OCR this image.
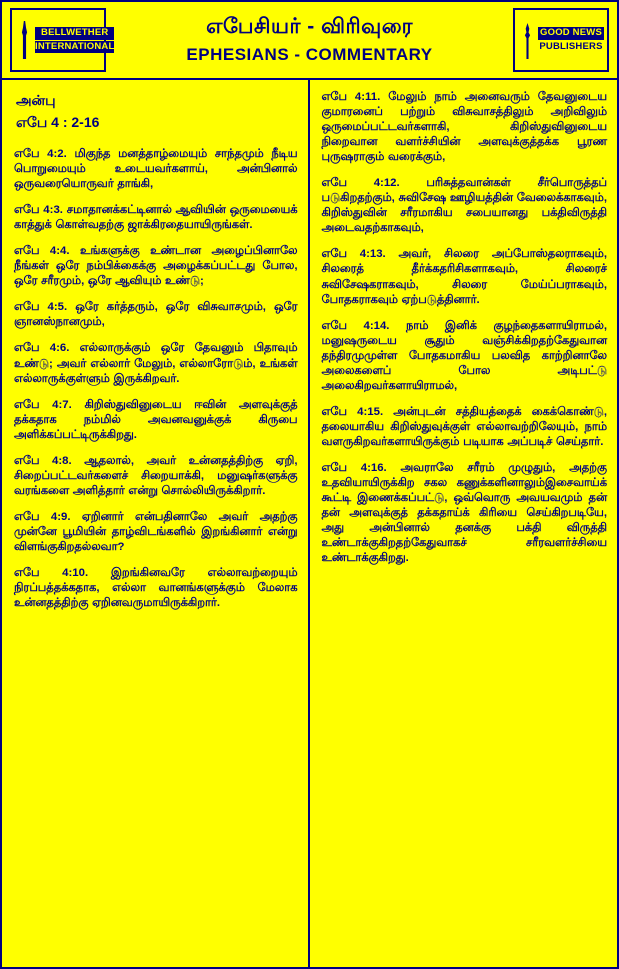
BELLWETHER
INTERNATIONAL
எபேசியர் - விரிவுரை
EPHESIANS - COMMENTARY
GOOD NEWS
PUBLISHERS
அன்பு
எபே 4 : 2-16

எபே 4:2. மிகுந்த மனத்தாழ்மையும் சாந்தமும் நீடிய பொறுமையும் உடையவர்களாய், அன்பினால் ஒருவரையொருவர் தாங்கி,

எபே 4:3. சமாதானக்கட்டினால் ஆவியின் ஒருமையைக் காத்துக் கொள்வதற்கு ஜாக்கிரதையாயிருங்கள்.

எபே 4:4. உங்களுக்கு உண்டான அழைப்பினாலே நீங்கள் ஒரே நம்பிக்கைக்கு அழைக்கப்பட்டது போல, ஒரே சரீரமும், ஒரே ஆவியும் உண்டு;

எபே 4:5. ஒரே கர்த்தரும், ஒரே விசுவாசமும், ஒரே ஞானஸ்நானமும்,

எபே 4:6. எல்லாருக்கும் ஒரே தேவனும் பிதாவும் உண்டு; அவர் எல்லார் மேலும், எல்லாரோடும், உங்கள் எல்லாருக்குள்ளும் இருக்கிறவர்.

எபே 4:7. கிறிஸ்துவினுடைய ஈவின் அளவுக்குத் தக்கதாக நம்மில் அவனவனுக்குக் கிருபை அளிக்கப்பட்டிருக்கிறது.

எபே 4:8. ஆதலால், அவர் உன்னதத்திற்கு ஏறி, சிறைப்பட்டவர்களைச் சிறையாக்கி, மனுஷர்களுக்கு வரங்களை அளித்தார் என்று சொல்லியிருக்கிறார்.

எபே 4:9. ஏறினார் என்பதினாலே அவர் அதற்கு முன்னே பூமியின் தாழ்விடங்களில் இறங்கினார் என்று விளங்குகிறதல்லவா?

எபே 4:10. இறங்கினவரே எல்லாவற்றையும் நிரப்பத்தக்கதாக, எல்லா வானங்களுக்கும் மேலாக உன்னதத்திற்கு ஏறினவருமாயிருக்கிறார்.

எபே 4:11. மேலும் நாம் அனைவரும் தேவனுடைய குமாரனைப் பற்றும் விசுவாசத்திலும் அறிவிலும் ஒருமைப்பட்டவர்களாகி, கிறிஸ்துவினுடைய நிறைவான வளர்ச்சியின் அளவுக்குத்தக்க பூரண புருஷராகும் வரைக்கும்,

எபே 4:12. பரிசுத்தவான்கள் சீர்பொருத்தப் படுகிறதற்கும், சுவிசேஷ ஊழியத்தின் வேலைக்காகவும், கிறிஸ்துவின் சரீரமாகிய சபையானது பக்திவிருத்தி அடைவதற்காகவும்,

எபே 4:13. அவர், சிலரை அப்போஸ்தலராகவும், சிலரைத் தீர்க்கதரிசிகளாகவும், சிலரைச் சுவிசேஷகராகவும், சிலரை மேய்ப்பராகவும், போதகராகவும் ஏற்படுத்தினார்.

எபே 4:14. நாம் இனிக் குழந்தைகளாயிராமல், மனுஷருடைய சூதும் வஞ்சிக்கிறதற்கேதுவான தந்திரமுமுள்ள போதகமாகிய பலவித காற்றினாலே அலைகளைப் போல அடிபட்டு அலைகிறவர்களாயிராமல்,

எபே 4:15. அன்புடன் சத்தியத்தைக் கைக்கொண்டு, தலையாகிய கிறிஸ்துவுக்குள் எல்லாவற்றிலேயும், நாம் வளருகிறவர்களாயிருக்கும் படியாக அப்படிச் செய்தார்.

எபே 4:16. அவராலே சரீரம் முழுதும், அதற்கு உதவியாயிருக்கிற சகல கணுக்களினாலும்இசைவாய்க் கூட்டி இணைக்கப்பட்டு, ஒவ்வொரு அவயவமும் தன் தன் அளவுக்குத் தக்கதாய்க் கிரியை செய்கிறபடியே, அது அன்பினால் தனக்கு பக்தி விருத்தி உண்டாக்குகிறதற்கேதுவாகச் சரீரவளர்ச்சியை உண்டாக்குகிறது.
